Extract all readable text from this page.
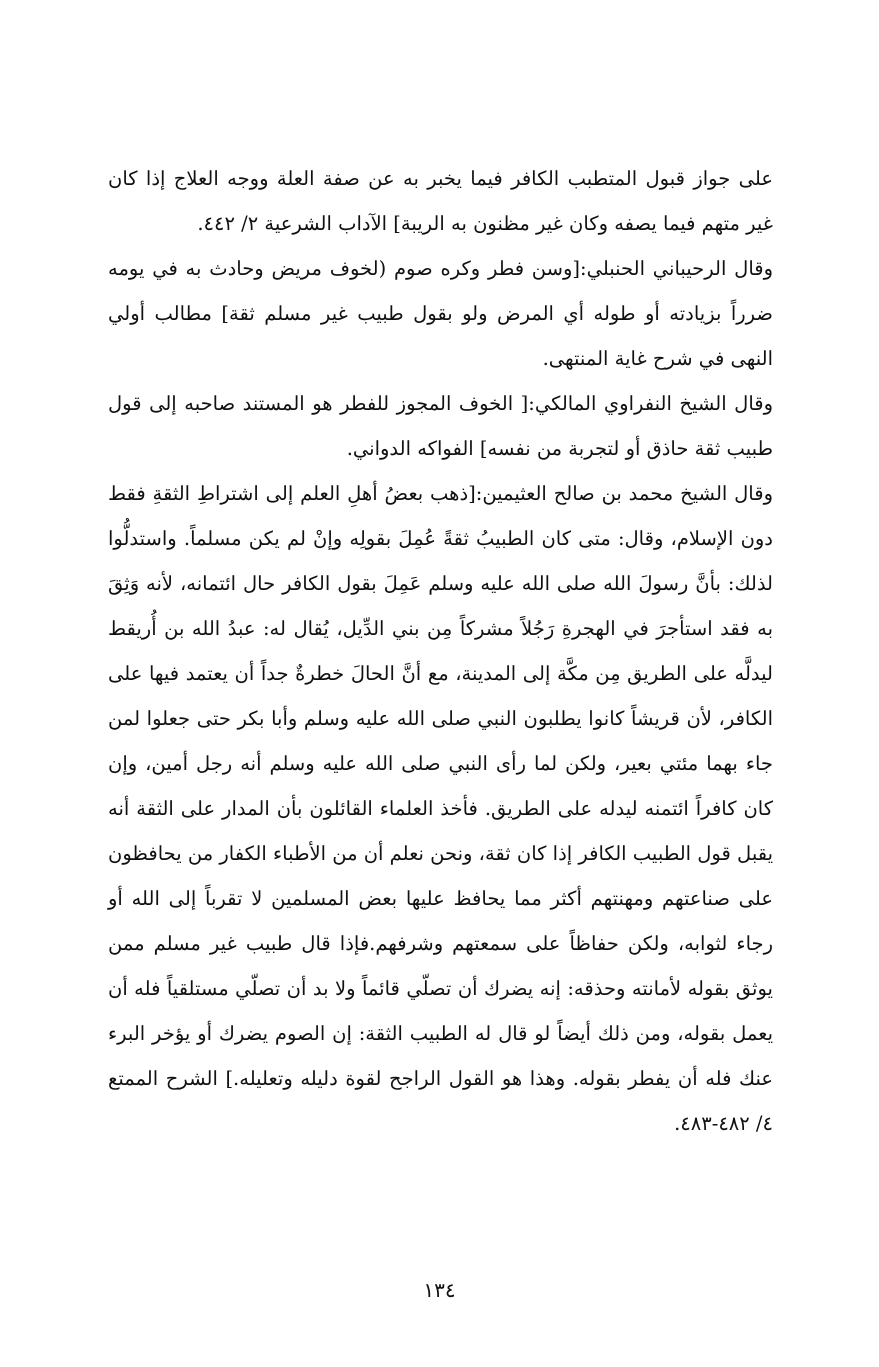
على جواز قبول المتطبب الكافر فيما يخبر به عن صفة العلة ووجه العلاج إذا كان غير متهم فيما يصفه وكان غير مظنون به الريبة] الآداب الشرعية ٢/ ٤٤٢.

وقال الرحيباني الحنبلي:[وسن فطر وكره صوم (لخوف مريض وحادث به في يومه ضرراً بزيادته أو طوله أي المرض ولو بقول طبيب غير مسلم ثقة] مطالب أولي النهى في شرح غاية المنتهى.

وقال الشيخ النفراوي المالكي:[ الخوف المجوز للفطر هو المستند صاحبه إلى قول طبيب ثقة حاذق أو لتجربة من نفسه] الفواكه الدواني.

وقال الشيخ محمد بن صالح العثيمين:[ذهب بعضُ أهلِ العلم إلى اشتراطِ الثقةِ فقط دون الإسلام، وقال: متى كان الطبيبُ ثقةً عُمِلَ بقولِه وإنْ لم يكن مسلماً. واستدلُّوا لذلك: بأنَّ رسولَ الله صلى الله عليه وسلم عَمِلَ بقول الكافر حال ائتمانه، لأنه وَثِقَ به فقد استأجرَ في الهجرةِ رَجُلاً مشركاً مِن بني الدِّيل، يُقال له: عبدُ الله بن أُريقط ليدلَّه على الطريق مِن مكَّة إلى المدينة، مع أنَّ الحالَ خطرةٌ جداً أن يعتمد فيها على الكافر، لأن قريشاً كانوا يطلبون النبي صلى الله عليه وسلم وأبا بكر حتى جعلوا لمن جاء بهما مئتي بعير، ولكن لما رأى النبي صلى الله عليه وسلم أنه رجل أمين، وإن كان كافراً ائتمنه ليدله على الطريق. فأخذ العلماء القائلون بأن المدار على الثقة أنه يقبل قول الطبيب الكافر إذا كان ثقة، ونحن نعلم أن من الأطباء الكفار من يحافظون على صناعتهم ومهنتهم أكثر مما يحافظ عليها بعض المسلمين لا تقرباً إلى الله أو رجاء لثوابه، ولكن حفاظاً على سمعتهم وشرفهم.فإذا قال طبيب غير مسلم ممن يوثق بقوله لأمانته وحذقه: إنه يضرك أن تصلّي قائماً ولا بد أن تصلّي مستلقياً فله أن يعمل بقوله، ومن ذلك أيضاً لو قال له الطبيب الثقة: إن الصوم يضرك أو يؤخر البرء عنك فله أن يفطر بقوله. وهذا هو القول الراجح لقوة دليله وتعليله.] الشرح الممتع ٤/ ٤٨٢-٤٨٣.

١٣٤
